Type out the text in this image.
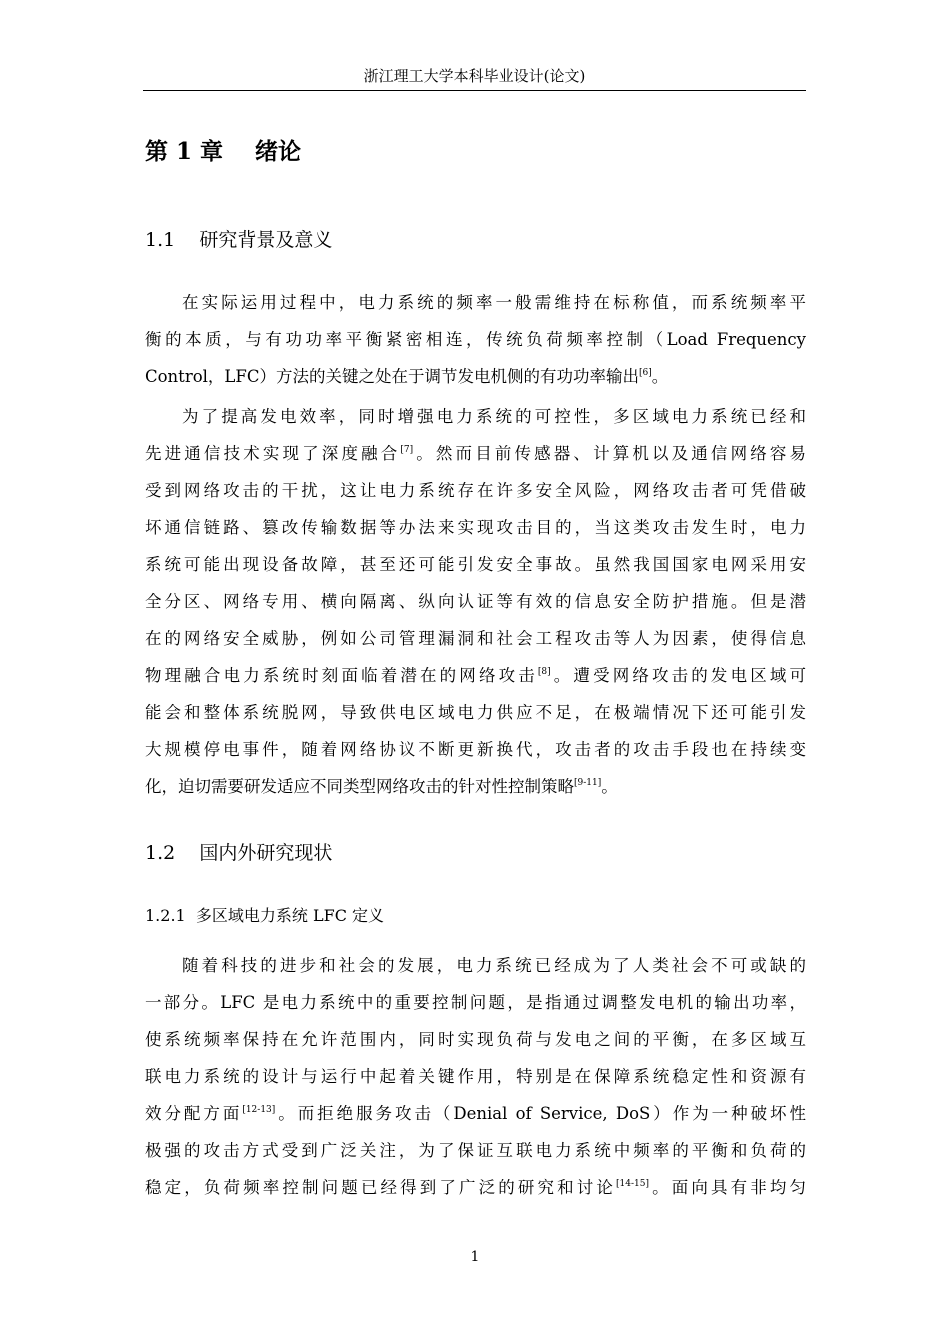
浙江理工大学本科毕业设计(论文)
第 1 章    绪论
1.1    研究背景及意义
在实际运用过程中，电力系统的频率一般需维持在标称值，而系统频率平
衡的本质，与有功功率平衡紧密相连，传统负荷频率控制（Load Frequency
Control，LFC）方法的关键之处在于调节发电机侧的有功功率输出[6]。
为了提高发电效率，同时增强电力系统的可控性，多区域电力系统已经和
先进通信技术实现了深度融合[7]。然而目前传感器、计算机以及通信网络容易
受到网络攻击的干扰，这让电力系统存在许多安全风险，网络攻击者可凭借破
坏通信链路、篡改传输数据等办法来实现攻击目的，当这类攻击发生时，电力
系统可能出现设备故障，甚至还可能引发安全事故。虽然我国国家电网采用安
全分区、网络专用、横向隔离、纵向认证等有效的信息安全防护措施。但是潜
在的网络安全威胁，例如公司管理漏洞和社会工程攻击等人为因素，使得信息
物理融合电力系统时刻面临着潜在的网络攻击[8]。遭受网络攻击的发电区域可
能会和整体系统脱网，导致供电区域电力供应不足，在极端情况下还可能引发
大规模停电事件，随着网络协议不断更新换代，攻击者的攻击手段也在持续变
化，迫切需要研发适应不同类型网络攻击的针对性控制策略[9-11]。
1.2    国内外研究现状
1.2.1  多区域电力系统 LFC 定义
随着科技的进步和社会的发展，电力系统已经成为了人类社会不可或缺的
一部分。LFC 是电力系统中的重要控制问题，是指通过调整发电机的输出功率，
使系统频率保持在允许范围内，同时实现负荷与发电之间的平衡，在多区域互
联电力系统的设计与运行中起着关键作用，特别是在保障系统稳定性和资源有
效分配方面[12-13]。而拒绝服务攻击（Denial of Service, DoS）作为一种破坏性
极强的攻击方式受到广泛关注，为了保证互联电力系统中频率的平衡和负荷的
稳定，负荷频率控制问题已经得到了广泛的研究和讨论[14-15]。面向具有非均匀
1
